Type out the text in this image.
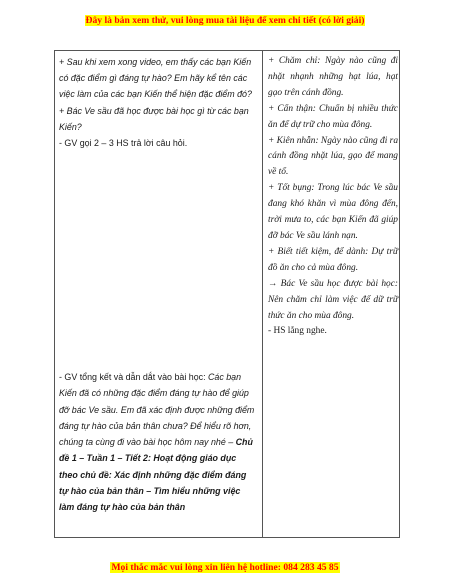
Đây là bản xem thử, vui lòng mua tài liệu để xem chi tiết (có lời giải)

+ Sau khi xem xong video, em thấy các bạn Kiến có đặc điểm gì đáng tự hào? Em hãy kể tên các việc làm của các bạn Kiến thể hiện đặc điểm đó?

+ Bác Ve sầu đã học được bài học gì từ các bạn Kiến?

- GV gọi 2 – 3 HS trả lời câu hỏi.

- GV tổng kết và dẫn dắt vào bài học: Các bạn Kiến đã có những đặc điểm đáng tự hào để giúp đỡ bác Ve sầu. Em đã xác định được những điểm đáng tự hào của bản thân chưa? Để hiểu rõ hơn, chúng ta cùng đi vào bài học hôm nay nhé – Chủ đề 1 – Tuần 1 – Tiết 2: Hoạt động giáo dục theo chủ đề: Xác định những đặc điểm đáng tự hào của bản thân – Tìm hiểu những việc làm đáng tự hào của bản thân

+ Chăm chỉ: Ngày nào cũng đi nhặt nhạnh những hạt lúa, hạt gạo trên cánh đồng.

+ Cẩn thận: Chuẩn bị nhiều thức ăn để dự trữ cho mùa đông.

+ Kiên nhẫn: Ngày nào cũng đi ra cánh đồng nhặt lúa, gạo để mang về tổ.

+ Tốt bụng: Trong lúc bác Ve sầu đang khó khăn vì mùa đông đến, trời mưa to, các bạn Kiến đã giúp đỡ bác Ve sầu lánh nạn.

+ Biết tiết kiệm, để dành: Dự trữ đồ ăn cho cả mùa đông.

→ Bác Ve sầu học được bài học: Nên chăm chỉ làm việc để dữ trữ thức ăn cho mùa đông.

- HS lắng nghe.

Mọi thắc mắc vui lòng xin liên hệ hotline: 084 283 45 85
